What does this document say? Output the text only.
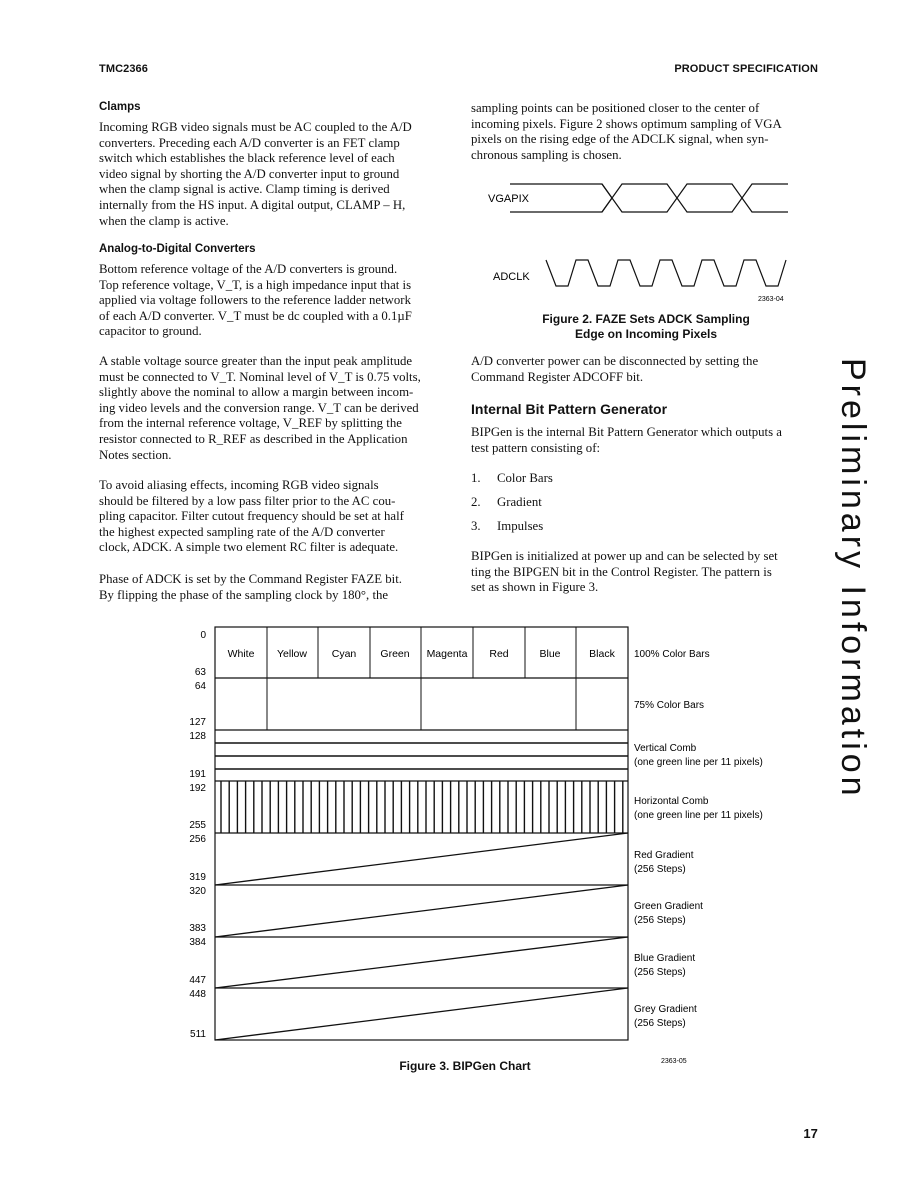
TMC2366	PRODUCT SPECIFICATION
Clamps
Incoming RGB video signals must be AC coupled to the A/D
converters. Preceding each A/D converter is an FET clamp
switch which establishes the black reference level of each
video signal by shorting the A/D converter input to ground
when the clamp signal is active. Clamp timing is derived
internally from the HS input. A digital output, CLAMP – H,
when the clamp is active.
Analog-to-Digital Converters
Bottom reference voltage of the A/D converters is ground.
Top reference voltage, V_T, is a high impedance input that is
applied via voltage followers to the reference ladder network
of each A/D converter. V_T must be dc coupled with a 0.1µF
capacitor to ground.
A stable voltage source greater than the input peak amplitude
must be connected to V_T. Nominal level of V_T is 0.75 volts,
slightly above the nominal to allow a margin between incom-
ing video levels and the conversion range. V_T can be derived
from the internal reference voltage, V_REF by splitting the
resistor connected to R_REF as described in the Application
Notes section.
To avoid aliasing effects, incoming RGB video signals
should be filtered by a low pass filter prior to the AC cou-
pling capacitor. Filter cutout frequency should be set at half
the highest expected sampling rate of the A/D converter
clock, ADCK. A simple two element RC filter is adequate.
Phase of ADCK is set by the Command Register FAZE bit.
By flipping the phase of the sampling clock by 180°, the
sampling points can be positioned closer to the center of
incoming pixels. Figure 2 shows optimum sampling of VGA
pixels on the rising edge of the ADCLK signal, when syn-
chronous sampling is chosen.
VGAPIX
ADCLK
2363-04
Figure 2. FAZE Sets ADCK Sampling
Edge on Incoming Pixels
A/D converter power can be disconnected by setting the
Command Register ADCOFF bit.
Internal Bit Pattern Generator
BIPGen is the internal Bit Pattern Generator which outputs a
test pattern consisting of:
1. Color Bars
2. Gradient
3. Impulses
BIPGen is initialized at power up and can be selected by set
ting the BIPGEN bit in the Control Register. The pattern is
set as shown in Figure 3.	Preliminary Information
0
63
64
127
128
191
192
255
256
319
320
383
384
447
448
511
White Yellow Cyan Green Magenta Red	Blue	Black 100% Color Bars
75% Color Bars
Vertical Comb
(one green line per 11 pixels)
Horizontal Comb
(one green line per 11 pixels)
Red Gradient
(256 Steps)
Green Gradient
(256 Steps)
Blue Gradient
(256 Steps)
Grey Gradient
(256 Steps)
2363-05
Figure 3. BIPGen Chart
17
